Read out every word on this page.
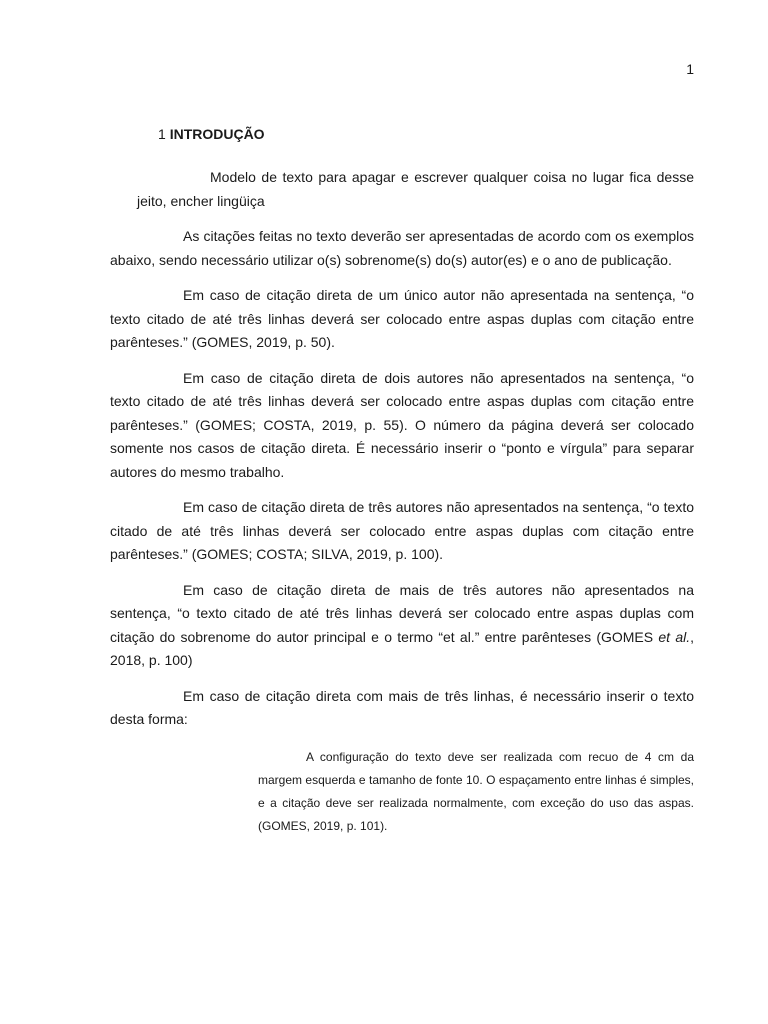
1
1 INTRODUÇÃO

Modelo de texto para apagar e escrever qualquer coisa no lugar fica desse jeito, encher lingüiça

As citações feitas no texto deverão ser apresentadas de acordo com os exemplos abaixo, sendo necessário utilizar o(s) sobrenome(s) do(s) autor(es) e o ano de publicação.

Em caso de citação direta de um único autor não apresentada na sentença, “o texto citado de até três linhas deverá ser colocado entre aspas duplas com citação entre parênteses.” (GOMES, 2019, p. 50).

Em caso de citação direta de dois autores não apresentados na sentença, “o texto citado de até três linhas deverá ser colocado entre aspas duplas com citação entre parênteses.” (GOMES; COSTA, 2019, p. 55). O número da página deverá ser colocado somente nos casos de citação direta. É necessário inserir o “ponto e vírgula” para separar autores do mesmo trabalho.

Em caso de citação direta de três autores não apresentados na sentença, “o texto citado de até três linhas deverá ser colocado entre aspas duplas com citação entre parênteses.” (GOMES; COSTA; SILVA, 2019, p. 100).

Em caso de citação direta de mais de três autores não apresentados na sentença, “o texto citado de até três linhas deverá ser colocado entre aspas duplas com citação do sobrenome do autor principal e o termo “et al.” entre parênteses (GOMES et al., 2018, p. 100)

Em caso de citação direta com mais de três linhas, é necessário inserir o texto desta forma:

A configuração do texto deve ser realizada com recuo de 4 cm da margem esquerda e tamanho de fonte 10. O espaçamento entre linhas é simples, e a citação deve ser realizada normalmente, com exceção do uso das aspas. (GOMES, 2019, p. 101).
